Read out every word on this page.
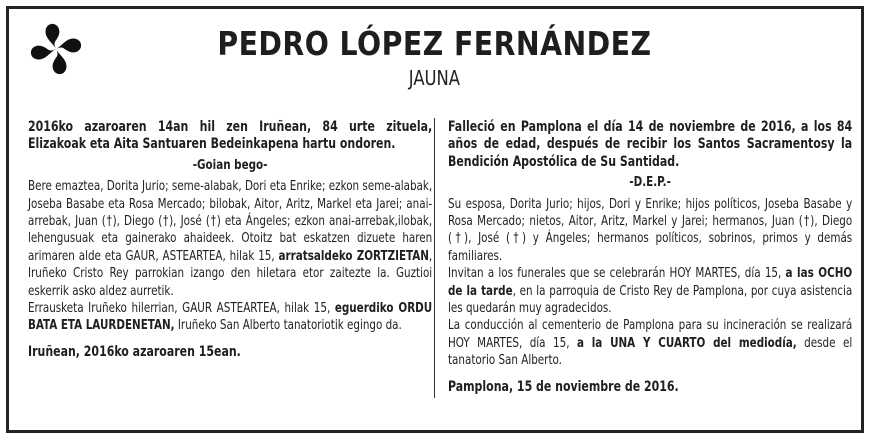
PEDRO LÓPEZ FERNÁNDEZ
JAUNA

2016ko azaroaren 14an hil zen Iruñean, 84 urte zituela, Elizakoak eta Aita Santuaren Bedeinkapena hartu ondoren.

-Goian bego-

Bere emaztea, Dorita Jurio; seme-alabak, Dori eta Enrike; ezkon seme-alabak, Joseba Basabe eta Rosa Mercado; bilobak, Aitor, Aritz, Markel eta Jarei; anai-arrebak, Juan (†), Diego (†), José (†) eta Ángeles; ezkon anai-arrebak,ilobak, lehengusuak eta gainerako ahaideek. Otoitz bat eskatzen dizuete haren arimaren alde eta GAUR, ASTEARTEA, hilak 15, arratsaldeko ZORTZIETAN, Iruñeko Cristo Rey parrokian izango den hiletara etor zaitezte la. Guztioi eskerrik asko aldez aurretik.

Errausketa Iruñeko hilerrian, GAUR ASTEARTEA, hilak 15, eguerdiko ORDU BATA ETA LAURDENETAN, Iruñeko San Alberto tanatoriotik egingo da.

Iruñean, 2016ko azaroaren 15ean.

Falleció en Pamplona el día 14 de noviembre de 2016, a los 84 años de edad, después de recibir los Santos Sacramentosy la Bendición Apostólica de Su Santidad.

-D.E.P.-

Su esposa, Dorita Jurio; hijos, Dori y Enrike; hijos políticos, Joseba Basabe y Rosa Mercado; nietos, Aitor, Aritz, Markel y Jarei; hermanos, Juan (†), Diego (†), José (†) y Ángeles; hermanos políticos, sobrinos, primos y demás familiares.

Invitan a los funerales que se celebrarán HOY MARTES, día 15, a las OCHO de la tarde, en la parroquia de Cristo Rey de Pamplona, por cuya asistencia les quedarán muy agradecidos.

La conducción al cementerio de Pamplona para su incineración se realizará HOY MARTES, día 15, a la UNA Y CUARTO del mediodía, desde el tanatorio San Alberto.

Pamplona, 15 de noviembre de 2016.
